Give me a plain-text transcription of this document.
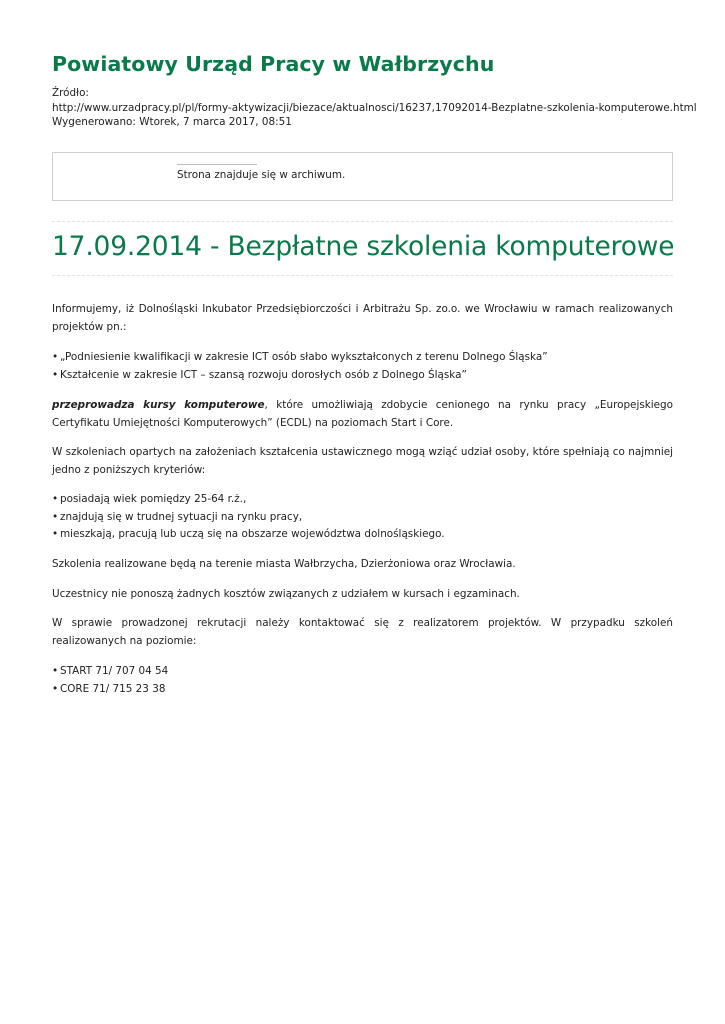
Powiatowy Urząd Pracy w Wałbrzychu
Źródło:
http://www.urzadpracy.pl/pl/formy-aktywizacji/biezace/aktualnosci/16237,17092014-Bezplatne-szkolenia-komputerowe.html
Wygenerowano: Wtorek, 7 marca 2017, 08:51
Strona znajduje się w archiwum.
17.09.2014 - Bezpłatne szkolenia komputerowe

Informujemy, iż Dolnośląski Inkubator Przedsiębiorczości i Arbitrażu Sp. zo.o. we Wrocławiu w ramach realizowanych projektów pn.:

• „Podniesienie kwalifikacji w zakresie ICT osób słabo wykształconych z terenu Dolnego Śląska”
• Kształcenie w zakresie ICT – szansą rozwoju dorosłych osób z Dolnego Śląska”

przeprowadza kursy komputerowe, które umożliwiają zdobycie cenionego na rynku pracy „Europejskiego Certyfikatu Umiejętności Komputerowych” (ECDL) na poziomach Start i Core.

W szkoleniach opartych na założeniach kształcenia ustawicznego mogą wziąć udział osoby, które spełniają co najmniej jedno z poniższych kryteriów:

• posiadają wiek pomiędzy 25-64 r.ż.,
• znajdują się w trudnej sytuacji na rynku pracy,
• mieszkają, pracują lub uczą się na obszarze województwa dolnośląskiego.

Szkolenia realizowane będą na terenie miasta Wałbrzycha, Dzierżoniowa oraz Wrocławia.

Uczestnicy nie ponoszą żadnych kosztów związanych z udziałem w kursach i egzaminach.

W sprawie prowadzonej rekrutacji należy kontaktować się z realizatorem projektów. W przypadku szkoleń realizowanych na poziomie:

• START 71/ 707 04 54
• CORE 71/ 715 23 38
